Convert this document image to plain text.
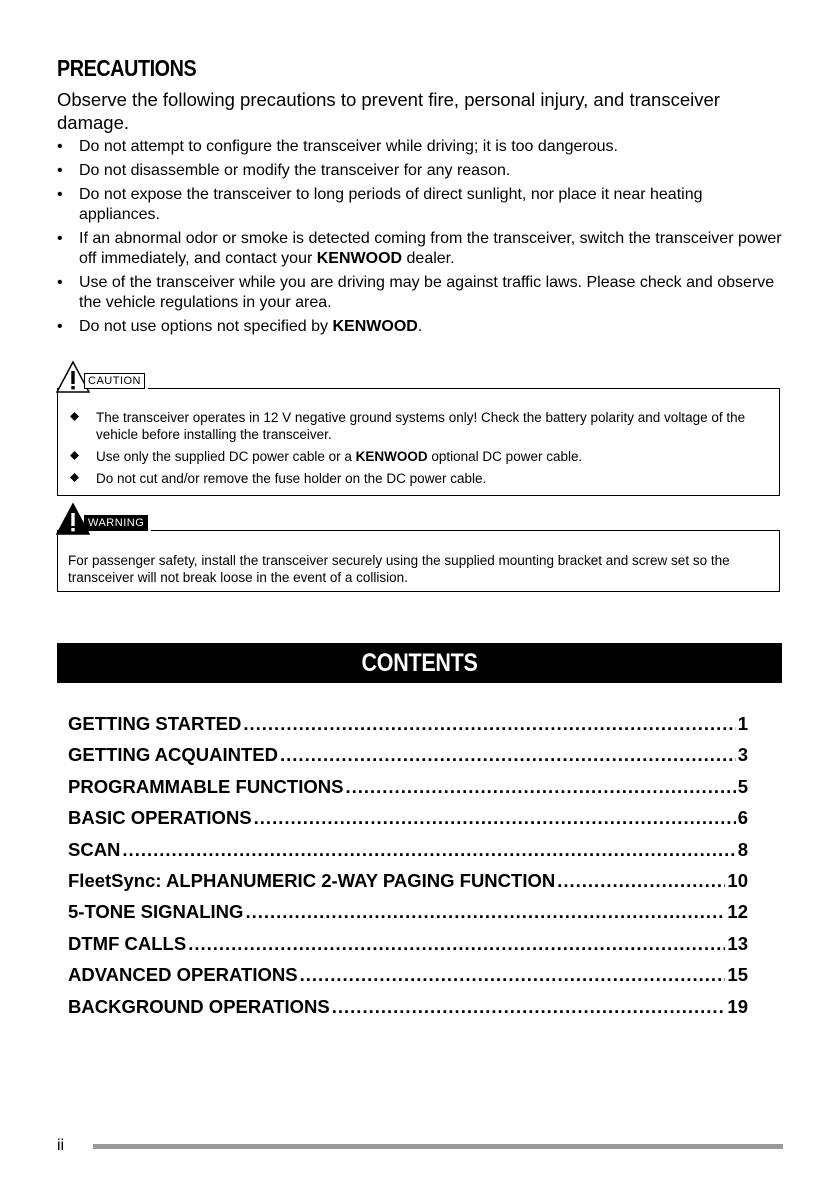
PRECAUTIONS

Observe the following precautions to prevent fire, personal injury, and transceiver damage.

• Do not attempt to configure the transceiver while driving; it is too dangerous.
• Do not disassemble or modify the transceiver for any reason.
• Do not expose the transceiver to long periods of direct sunlight, nor place it near heating appliances.
• If an abnormal odor or smoke is detected coming from the transceiver, switch the transceiver power off immediately, and contact your KENWOOD dealer.
• Use of the transceiver while you are driving may be against traffic laws. Please check and observe the vehicle regulations in your area.
• Do not use options not specified by KENWOOD.
CAUTION
The transceiver operates in 12 V negative ground systems only! Check the battery polarity and voltage of the vehicle before installing the transceiver.
Use only the supplied DC power cable or a KENWOOD optional DC power cable.
Do not cut and/or remove the fuse holder on the DC power cable.
WARNING

For passenger safety, install the transceiver securely using the supplied mounting bracket and screw set so the transceiver will not break loose in the event of a collision.

CONTENTS
GETTING STARTED .....	1
GETTING ACQUAINTED .....	3
PROGRAMMABLE FUNCTIONS .....	5
BASIC OPERATIONS .....	6
SCAN .....	8
FleetSync: ALPHANUMERIC 2-WAY PAGING FUNCTION .....	10
5-TONE SIGNALING .....	12
DTMF CALLS .....	13
ADVANCED OPERATIONS .....	15
BACKGROUND OPERATIONS .....	19
ii
